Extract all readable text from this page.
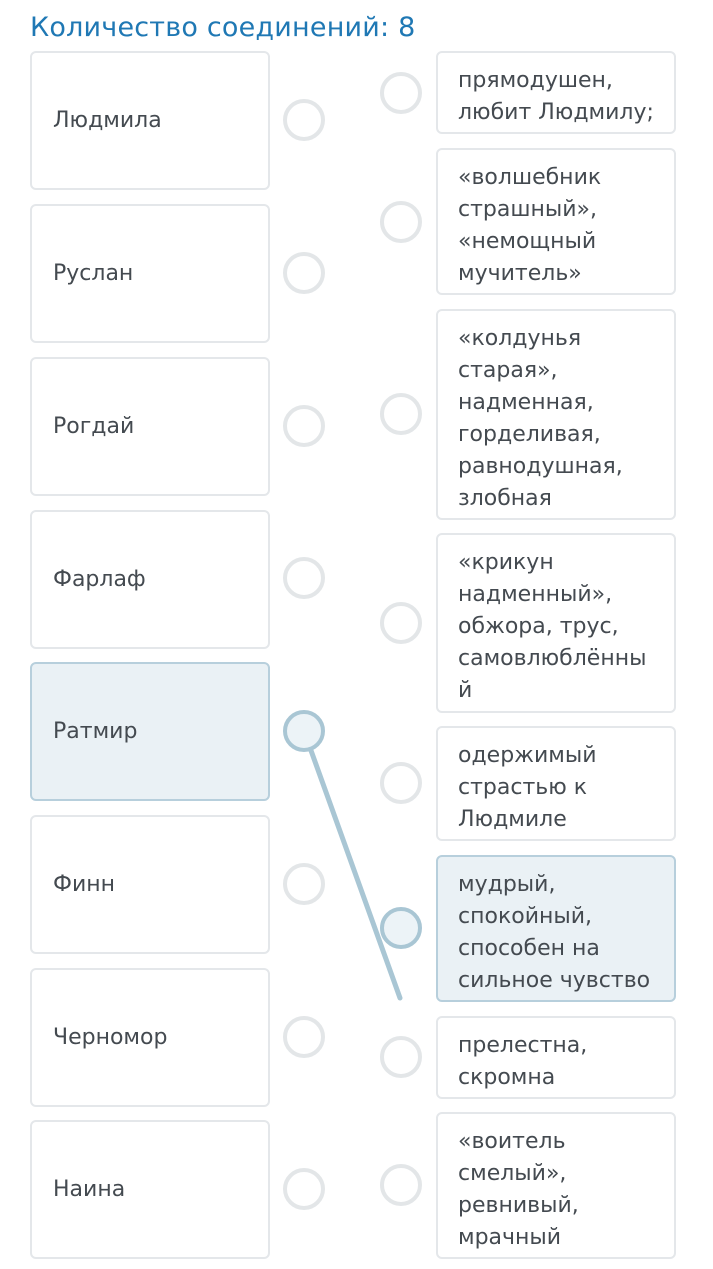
Количество соединений: 8
Людмила
Руслан
Рогдай
Фарлаф
Ратмир
Финн
Черномор
Наина
прямодушен,
любит Людмилу;
«волшебник
страшный»,
«немощный
мучитель»
«колдунья
старая»,
надменная,
горделивая,
равнодушная,
злобная
«крикун
надменный»,
обжора, трус,
самовлюблённы
й
одержимый
страстью к
Людмиле
мудрый,
спокойный,
способен на
сильное чувство
прелестна,
скромна
«воитель
смелый»,
ревнивый,
мрачный
